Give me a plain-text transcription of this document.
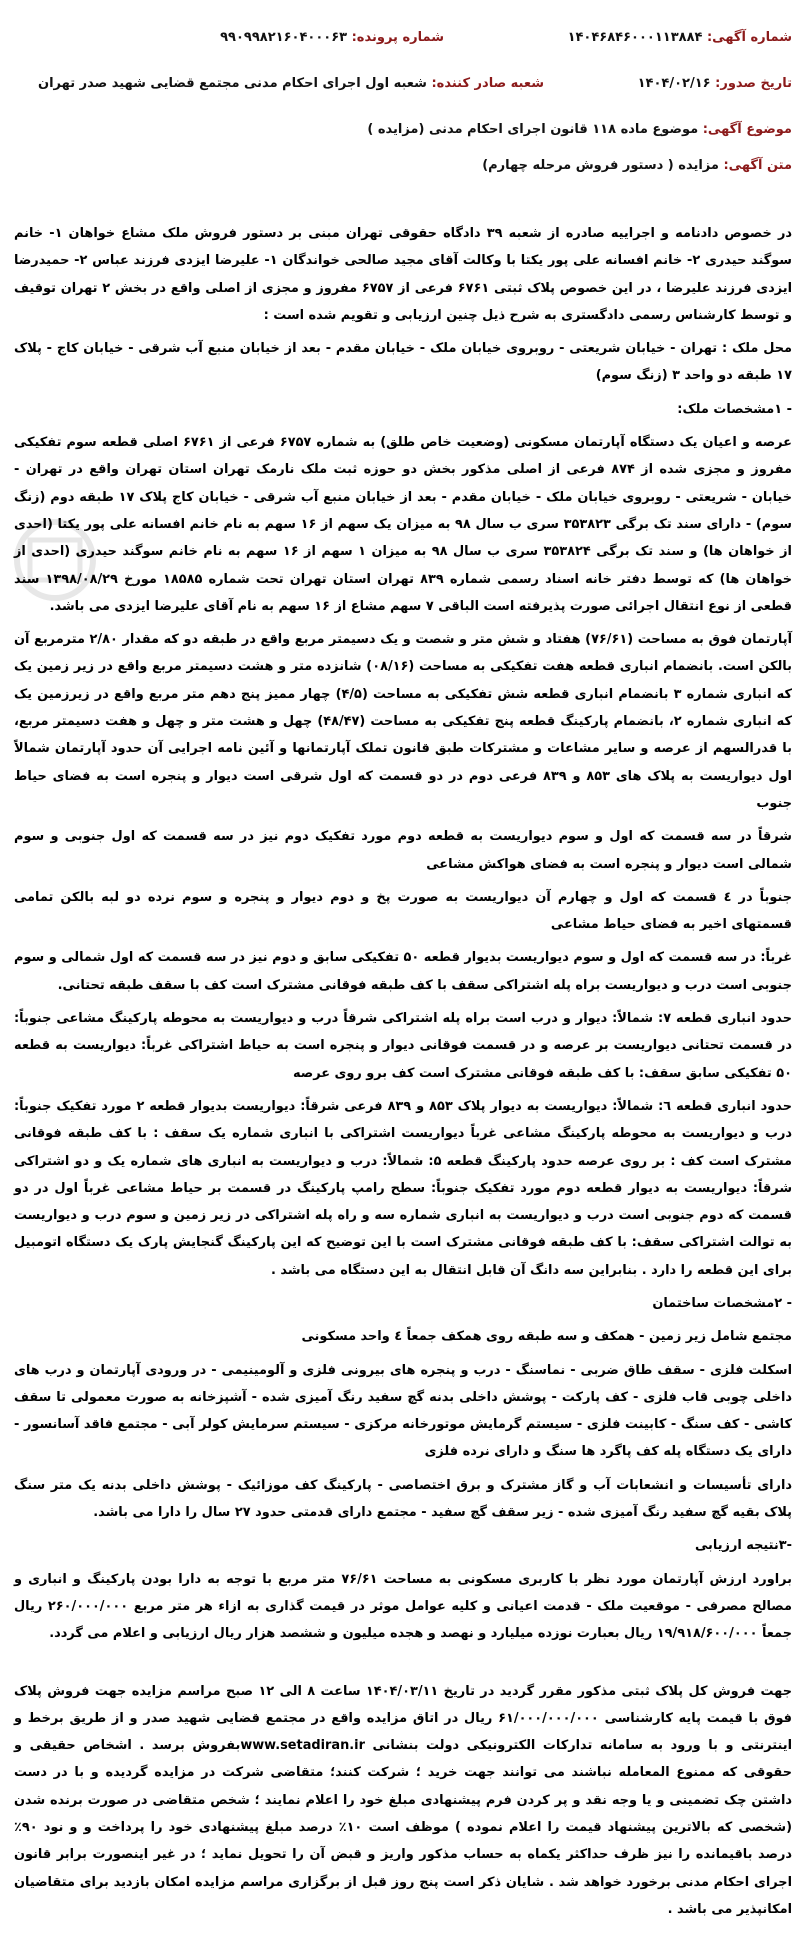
شماره آگهی: ۱۴۰۴۶۸۴۶۰۰۰۱۱۳۸۸۴
شماره پرونده: ۹۹۰۹۹۸۲۱۶۰۴۰۰۰۶۳
تاریخ صدور: ۱۴۰۴/۰۲/۱۶
شعبه صادر کننده: شعبه اول اجرای احکام مدنی مجتمع قضایی شهید صدر تهران
موضوع آگهی: موضوع ماده ۱۱۸ قانون اجرای احکام مدنی (مزایده )
متن آگهی: مزایده ( دستور فروش مرحله چهارم)

در خصوص دادنامه و اجراییه صادره از شعبه ۳۹ دادگاه حقوقی تهران مبنی بر دستور فروش ملک مشاع خواهان ۱- خانم سوگند حیدری ۲- خانم افسانه علی پور یکتا با وکالت آقای مجید صالحی خواندگان ۱- علیرضا ایزدی فرزند عباس ۲- حمیدرضا ایزدی فرزند علیرضا ، در این خصوص پلاک ثبتی ۶۷۶۱ فرعی از ۶۷۵۷ مفروز و مجزی از اصلی واقع در بخش ۲ تهران توقیف و توسط کارشناس رسمی دادگستری به شرح ذیل چنین ارزیابی و تقویم شده است :

محل ملک : تهران - خیابان شریعتی - روبروی خیابان ملک - خیابان مقدم - بعد از خیابان منبع آب شرقی - خیابان کاج - پلاک ۱۷ طبقه دو واحد ۳ (زنگ سوم)

- ۱مشخصات ملک:

عرصه و اعیان یک دستگاه آپارتمان مسکونی (وضعیت خاص طلق) به شماره ۶۷۵۷ فرعی از ۶۷۶۱ اصلی قطعه سوم تفکیکی مفروز و مجزی شده از ۸۷۴ فرعی از اصلی مذکور بخش دو حوزه ثبت ملک نارمک تهران استان تهران واقع در تهران - خیابان - شریعتی - روبروی خیابان ملک - خیابان مقدم - بعد از خیابان منبع آب شرقی - خیابان کاج پلاک ۱۷ طبقه دوم (زنگ سوم) - دارای سند تک برگی ۳۵۳۸۲۳ سری ب سال ۹۸ به میزان یک سهم از ۱۶ سهم به نام خانم افسانه علی پور یکتا (احدی از خواهان ها) و سند تک برگی ۳۵۳۸۲۴ سری ب سال ۹۸ به میزان ۱ سهم از ۱۶ سهم به نام خانم سوگند حیدری (احدی از خواهان ها) که توسط دفتر خانه اسناد رسمی شماره ۸۳۹ تهران استان تهران تحت شماره ۱۸۵۸۵ مورخ ۱۳۹۸/۰۸/۲۹ سند قطعی از نوع انتقال اجرائی صورت پذیرفته است الباقی ۷ سهم مشاع از ۱۶ سهم به نام آقای علیرضا ایزدی می باشد.

آپارتمان فوق به مساحت (۷۶/۶۱) هفتاد و شش متر و شصت و یک دسیمتر مربع واقع در طبقه دو که مقدار ۲/۸۰ مترمربع آن بالکن است. بانضمام انباری قطعه هفت تفکیکی به مساحت (۰۸/۱۶) شانزده متر و هشت دسیمتر مربع واقع در زیر زمین یک که انباری شماره ۳ بانضمام انباری قطعه شش تفکیکی به مساحت (۴/۵) چهار ممیز پنج دهم متر مربع واقع در زیرزمین یک که انباری شماره ۲، بانضمام پارکینگ قطعه پنج تفکیکی به مساحت (۴۸/۴۷) چهل و هشت متر و چهل و هفت دسیمتر مربع، با قدرالسهم از عرصه و سایر مشاعات و مشترکات طبق قانون تملک آپارتمانها و آئین نامه اجرایی آن حدود آپارتمان شمالاً اول دیواریست به پلاک های ۸۵۳ و ۸۳۹ فرعی دوم در دو قسمت که اول شرقی است دیوار و پنجره است به فضای حیاط جنوب

شرقاً در سه قسمت که اول و سوم دیواریست به قطعه دوم مورد تفکیک دوم نیز در سه قسمت که اول جنوبی و سوم شمالی است دیوار و پنجره است به فضای هواکش مشاعی

جنوباً در ٤ قسمت که اول و چهارم آن دیواریست به صورت پخ و دوم دیوار و پنجره و سوم نرده دو لبه بالکن تمامی قسمتهای اخیر به فضای حیاط مشاعی

غرباً: در سه قسمت که اول و سوم دیواریست بدیوار قطعه ۵۰ تفکیکی سابق و دوم نیز در سه قسمت که اول شمالی و سوم جنوبی است درب و دیواریست براه پله اشتراکی سقف با کف طبقه فوقانی مشترک است کف با سقف طبقه تحتانی.

حدود انباری قطعه ۷: شمالاً: دیوار و درب است براه پله اشتراکی شرقاً درب و دیواریست به محوطه پارکینگ مشاعی جنوباً: در قسمت تحتانی دیواریست بر عرصه و در قسمت فوقانی دیوار و پنجره است به حیاط اشتراکی غرباً: دیواریست به قطعه ۵۰ تفکیکی سابق سقف: با کف طبقه فوقانی مشترک است کف برو روی عرصه

حدود انباری قطعه ٦: شمالاً: دیواریست به دیوار پلاک ۸۵۳ و ۸۳۹ فرعی شرقاً: دیواریست بدیوار قطعه ۲ مورد تفکیک جنوباً: درب و دیواریست به محوطه پارکینگ مشاعی غرباً دیواریست اشتراکی با انباری شماره یک سقف : با کف طبقه فوقانی مشترک است کف : بر روی عرصه حدود پارکینگ قطعه ۵: شمالاً: درب و دیواریست به انباری های شماره یک و دو اشتراکی شرقاً: دیواریست به دیوار قطعه دوم مورد تفکیک جنوباً: سطح رامپ پارکینگ در قسمت بر حیاط مشاعی غرباً اول در دو قسمت که دوم جنوبی است درب و دیواریست به انباری شماره سه و راه پله اشتراکی در زیر زمین و سوم درب و دیواریست به توالت اشتراکی سقف: با کف طبقه فوقانی مشترک است با این توضیح که این پارکینگ گنجایش پارک یک دستگاه اتومبیل برای این قطعه را دارد . بنابراین سه دانگ آن قابل انتقال به این دستگاه می باشد .

- ۲مشخصات ساختمان

مجتمع شامل زیر زمین - همکف و سه طبقه روی همکف جمعاً ٤ واحد مسکونی

اسکلت فلزی - سقف طاق ضربی - نماسنگ - درب و پنجره های بیرونی فلزی و آلومینیمی - در ورودی آپارتمان و درب های داخلی چوبی قاب فلزی - کف پارکت - پوشش داخلی بدنه گچ سفید رنگ آمیزی شده - آشپزخانه به صورت معمولی تا سقف کاشی - کف سنگ - کابینت فلزی - سیستم گرمایش موتورخانه مرکزی - سیستم سرمایش کولر آبی - مجتمع فاقد آسانسور - دارای یک دستگاه پله کف پاگرد ها سنگ و دارای نرده فلزی

دارای تأسیسات و انشعابات آب و گاز مشترک و برق اختصاصی - پارکینگ کف موزائیک - پوشش داخلی بدنه یک متر سنگ پلاک بقیه گچ سفید رنگ آمیزی شده - زیر سقف گچ سفید - مجتمع دارای قدمتی حدود ۲۷ سال را دارا می باشد.

-۳نتیجه ارزیابی

براورد ارزش آپارتمان مورد نظر با کاربری مسکونی به مساحت ۷۶/۶۱ متر مربع با توجه به دارا بودن پارکینگ و انباری و مصالح مصرفی - موقعیت ملک - قدمت اعیانی و کلیه عوامل موثر در قیمت گذاری به ازاء هر متر مربع ۲۶۰/۰۰۰/۰۰۰ ریال جمعاً ۱۹/۹۱۸/۶۰۰/۰۰۰ ریال بعبارت نوزده میلیارد و نهصد و هجده میلیون و ششصد هزار ریال ارزیابی و اعلام می گردد.

جهت فروش کل پلاک ثبتی مذکور مقرر گردید در تاریخ ۱۴۰۴/۰۳/۱۱ ساعت ۸ الی ۱۲ صبح مراسم مزایده جهت فروش پلاک فوق با قیمت پایه کارشناسی ۶۱/۰۰۰/۰۰۰/۰۰۰ ریال در اتاق مزایده واقع در مجتمع قضایی شهید صدر و از طریق برخط و اینترنتی و با ورود به سامانه تدارکات الکترونیکی دولت بنشانی www.setadiran.irبفروش برسد . اشخاص حقیقی و حقوقی که ممنوع المعامله نباشند می توانند جهت خرید ؛ شرکت کنند؛ متقاضی شرکت در مزایده گردیده و با در دست داشتن چک تضمینی و یا وجه نقد و پر کردن فرم پیشنهادی مبلغ خود را اعلام نمایند ؛ شخص متقاضی در صورت برنده شدن (شخصی که بالاترین پیشنهاد قیمت را اعلام نموده ) موظف است ۱۰٪ درصد مبلغ پیشنهادی خود را پرداخت و و نود ۹۰٪ درصد باقیمانده را نیز ظرف حداکثر یکماه به حساب مذکور واریز و قبض آن را تحویل نماید ؛ در غیر اینصورت برابر قانون اجرای احکام مدنی برخورد خواهد شد . شایان ذکر است پنج روز قبل از برگزاری مراسم مزایده امکان بازدید برای متقاضیان امکانپذیر می باشد .
